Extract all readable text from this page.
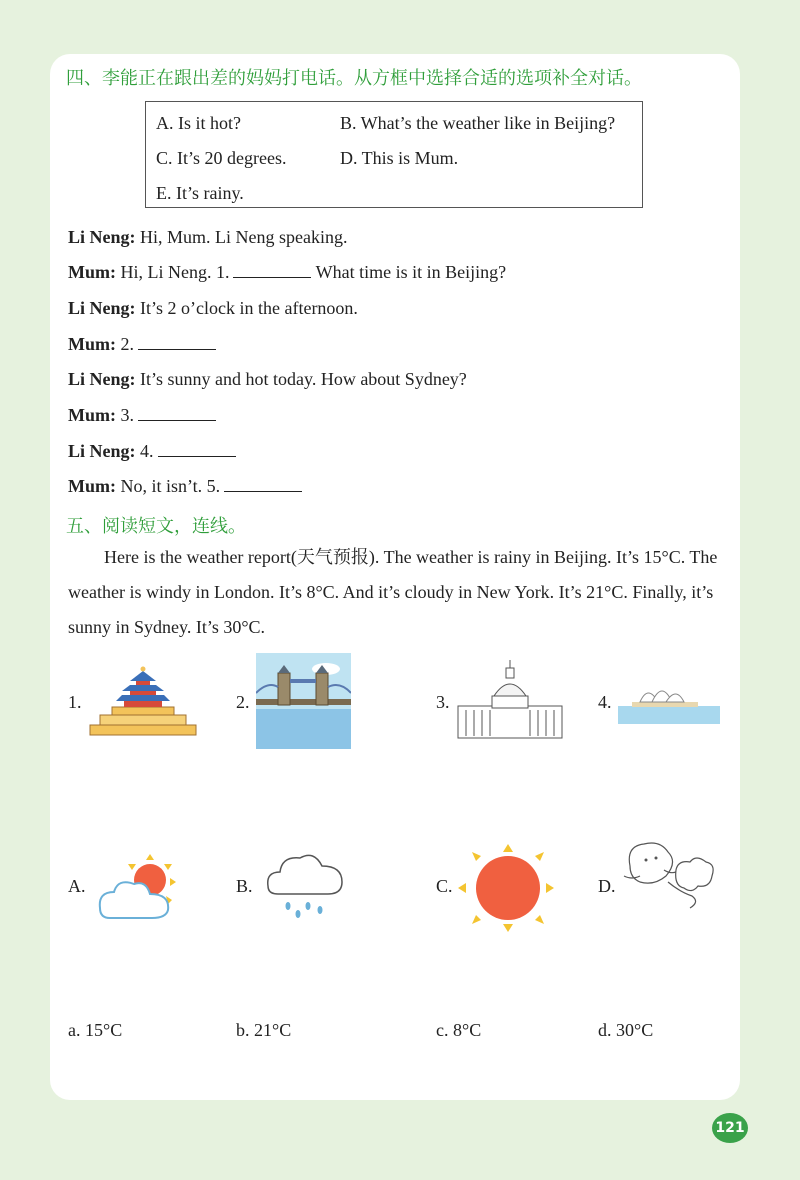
四、李能正在跟出差的妈妈打电话。从方框中选择合适的选项补全对话。
A. Is it hot?	B. What’s the weather like in Beijing?
C. It’s 20 degrees.	D. This is Mum.
E. It’s rainy.
Li Neng: Hi, Mum. Li Neng speaking.
Mum: Hi, Li Neng. 1.	What time is it in Beijing?
Li Neng: It’s 2 o’clock in the afternoon.
Mum: 2.
Li Neng: It’s sunny and hot today. How about Sydney?
Mum: 3.
Li Neng: 4.
Mum: No, it isn’t. 5.
五、阅读短文，连线。
Here is the weather report(天气预报). The weather is rainy in Beijing. It’s 15°C. The weather is windy in London. It’s 8°C. And it’s cloudy in New York. It’s 21°C. Finally, it’s sunny in Sydney. It’s 30°C.
1.	2.	3.	4.
A.	B.	C.	D.
a. 15°C	b. 21°C	c. 8°C	d. 30°C
121
